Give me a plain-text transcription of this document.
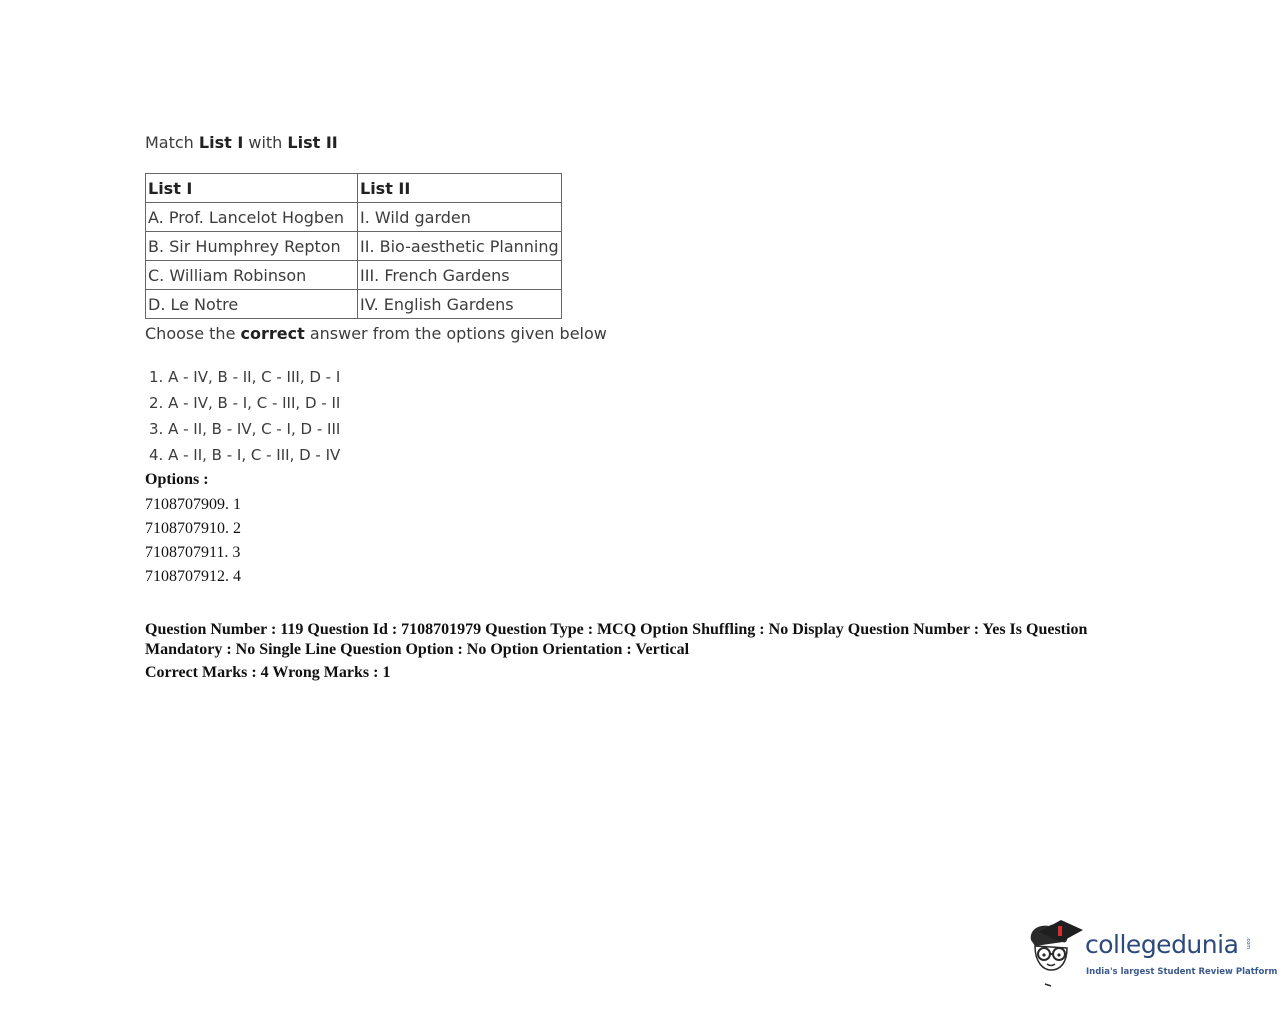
Match List I with List II
List I	List II
A. Prof. Lancelot Hogben	I. Wild garden
B. Sir Humphrey Repton	II. Bio-aesthetic Planning
C. William Robinson	III. French Gardens
D. Le Notre	IV. English Gardens
Choose the correct answer from the options given below
1. A - IV, B - II, C - III, D - I
2. A - IV, B - I, C - III, D - II
3. A - II, B - IV, C - I, D - III
4. A - II, B - I, C - III, D - IV
Options :
7108707909. 1
7108707910. 2
7108707911. 3
7108707912. 4
Question Number : 119 Question Id : 7108701979 Question Type : MCQ Option Shuffling : No Display Question Number : Yes Is Question Mandatory : No Single Line Question Option : No Option Orientation : Vertical
Correct Marks : 4 Wrong Marks : 1
collegedunia .com
India's largest Student Review Platform
